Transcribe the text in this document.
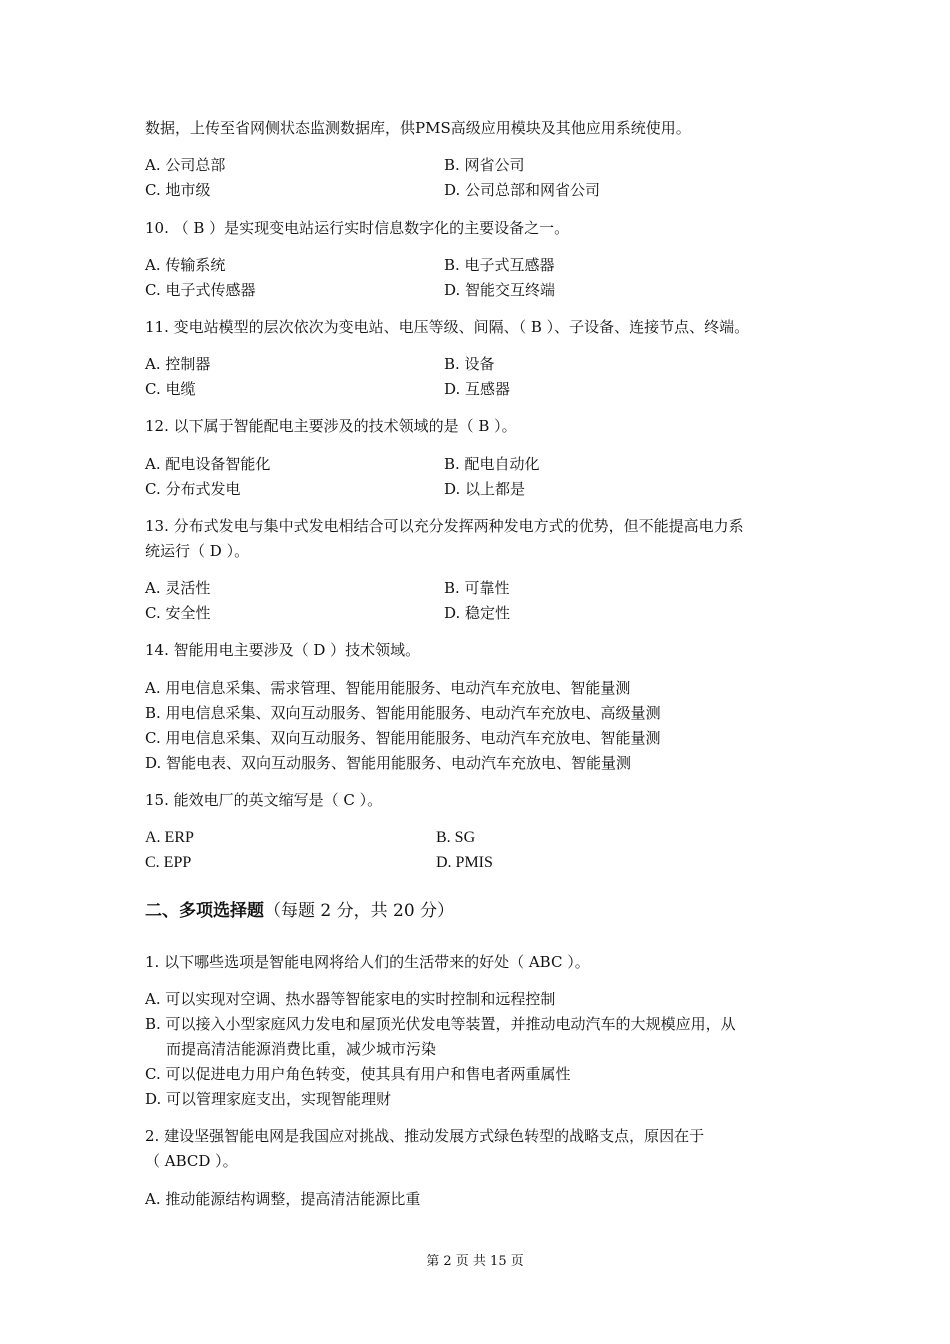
数据，上传至省网侧状态监测数据库，供PMS高级应用模块及其他应用系统使用。
A. 公司总部	B. 网省公司
C. 地市级	D. 公司总部和网省公司
10. （ B ）是实现变电站运行实时信息数字化的主要设备之一。
A. 传输系统	B. 电子式互感器
C. 电子式传感器	D. 智能交互终端
11. 变电站模型的层次依次为变电站、电压等级、间隔、（ B ）、子设备、连接节点、终端。
A. 控制器	B. 设备
C. 电缆	D. 互感器
12. 以下属于智能配电主要涉及的技术领域的是（ B ）。
A. 配电设备智能化	B. 配电自动化
C. 分布式发电	D. 以上都是
13. 分布式发电与集中式发电相结合可以充分发挥两种发电方式的优势，但不能提高电力系
统运行（ D ）。
A. 灵活性	B. 可靠性
C. 安全性	D. 稳定性
14. 智能用电主要涉及（ D ）技术领域。
A. 用电信息采集、需求管理、智能用能服务、电动汽车充放电、智能量测
B. 用电信息采集、双向互动服务、智能用能服务、电动汽车充放电、高级量测
C. 用电信息采集、双向互动服务、智能用能服务、电动汽车充放电、智能量测
D. 智能电表、双向互动服务、智能用能服务、电动汽车充放电、智能量测
15. 能效电厂的英文缩写是（ C ）。
A. ERP	B. SG
C. EPP	D. PMIS
二、多项选择题（每题 2 分，共 20 分）
1. 以下哪些选项是智能电网将给人们的生活带来的好处（ ABC ）。
A. 可以实现对空调、热水器等智能家电的实时控制和远程控制
B. 可以接入小型家庭风力发电和屋顶光伏发电等装置，并推动电动汽车的大规模应用，从
而提高清洁能源消费比重，减少城市污染
C. 可以促进电力用户角色转变，使其具有用户和售电者两重属性
D. 可以管理家庭支出，实现智能理财
2. 建设坚强智能电网是我国应对挑战、推动发展方式绿色转型的战略支点，原因在于
（ ABCD ）。
A. 推动能源结构调整，提高清洁能源比重
第 2 页 共 15 页
